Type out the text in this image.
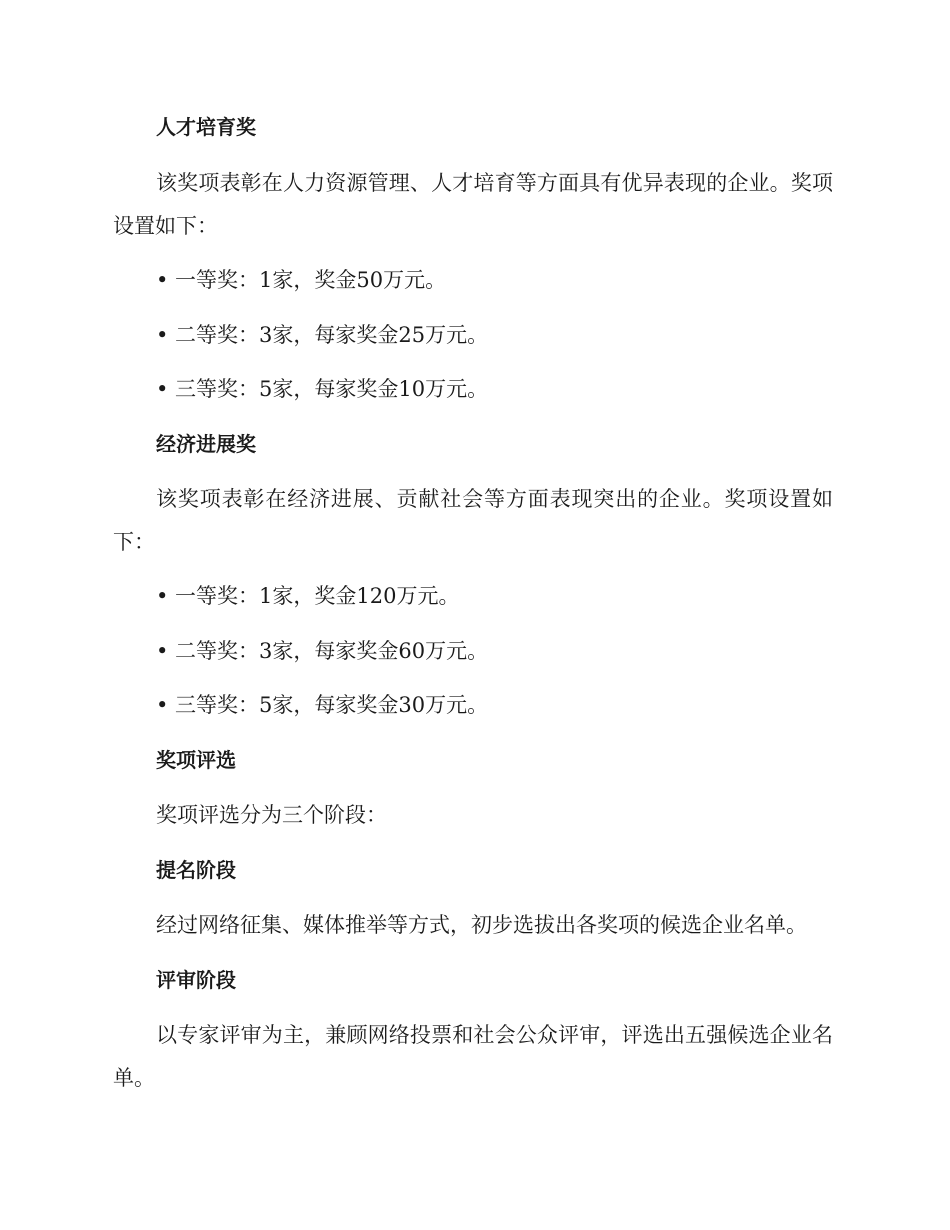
人才培育奖

该奖项表彰在人力资源管理、人才培育等方面具有优异表现的企业。奖项设置如下：

• 一等奖：1家，奖金50万元。
• 二等奖：3家，每家奖金25万元。
• 三等奖：5家，每家奖金10万元。
经济进展奖

该奖项表彰在经济进展、贡献社会等方面表现突出的企业。奖项设置如下：

• 一等奖：1家，奖金120万元。
• 二等奖：3家，每家奖金60万元。
• 三等奖：5家，每家奖金30万元。
奖项评选

奖项评选分为三个阶段：

提名阶段

经过网络征集、媒体推举等方式，初步选拔出各奖项的候选企业名单。

评审阶段

以专家评审为主，兼顾网络投票和社会公众评审，评选出五强候选企业名单。
